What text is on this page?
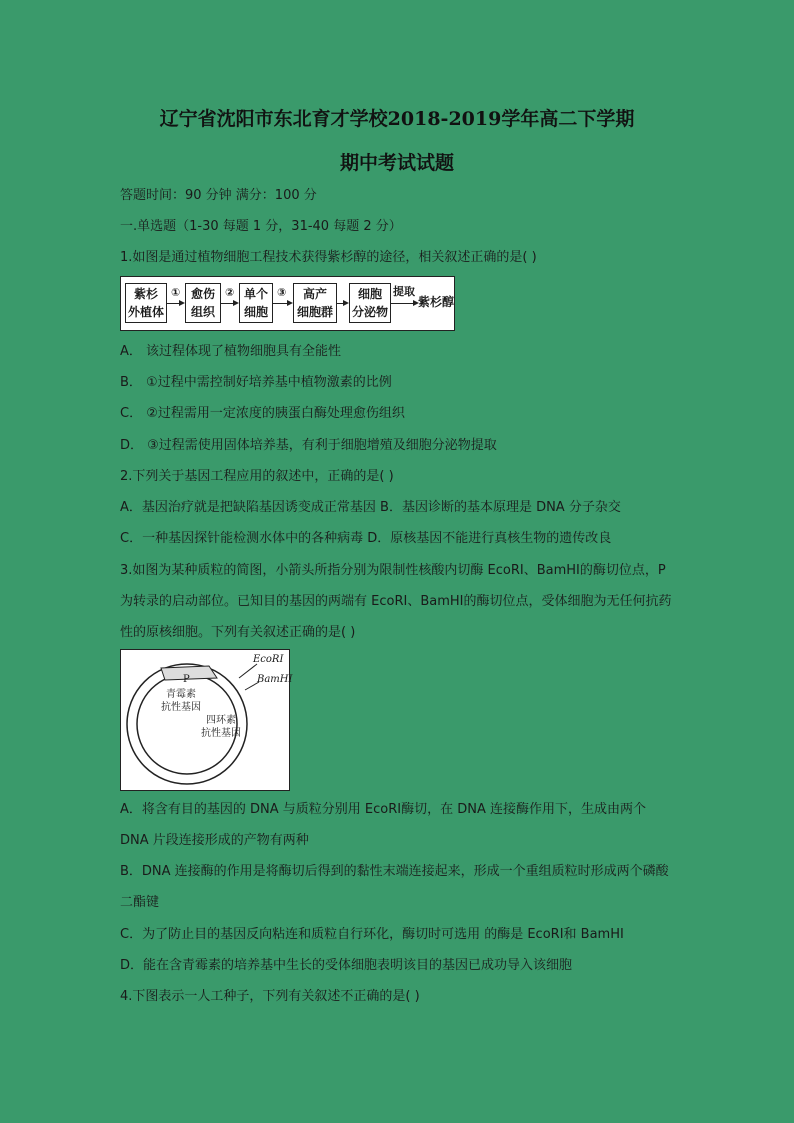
辽宁省沈阳市东北育才学校2018-2019学年高二下学期
期中考试试题
答题时间：90 分钟 满分：100 分
一.单选题（1-30 每题 1 分，31-40 每题 2 分）
1.如图是通过植物细胞工程技术获得紫杉醇的途径，相关叙述正确的是( )
紫杉
外植体
① 愈伤
组织
② 单个
细胞
③	高产
细胞群
细胞
分泌物
提取
紫杉醇
A． 该过程体现了植物细胞具有全能性
B． ①过程中需控制好培养基中植物激素的比例
C． ②过程需用一定浓度的胰蛋白酶处理愈伤组织
D． ③过程需使用固体培养基，有利于细胞增殖及细胞分泌物提取
2.下列关于基因工程应用的叙述中，正确的是( )
A．基因治疗就是把缺陷基因诱变成正常基因 B．基因诊断的基本原理是 DNA 分子杂交
C．一种基因探针能检测水体中的各种病毒 D．原核基因不能进行真核生物的遗传改良
3.如图为某种质粒的简图，小箭头所指分别为限制性核酸内切酶 EcoRⅠ、BamHⅠ的酶切位点，P 为转录的启动部位。已知目的基因的两端有 EcoRⅠ、BamHⅠ的酶切位点，受体细胞为无任何抗药性的原核细胞。下列有关叙述正确的是( )
EcoRⅠ
BamHⅠ
P
青霉素
抗性基因
四环素
抗性基因
A．将含有目的基因的 DNA 与质粒分别用 EcoRⅠ酶切，在 DNA 连接酶作用下，生成由两个 DNA 片段连接形成的产物有两种
B．DNA 连接酶的作用是将酶切后得到的黏性末端连接起来，形成一个重组质粒时形成两个磷酸二酯键
C．为了防止目的基因反向粘连和质粒自行环化，酶切时可选用 的酶是 EcoRⅠ和 BamHⅠ
D．能在含青霉素的培养基中生长的受体细胞表明该目的基因已成功导入该细胞
4.下图表示一人工种子，下列有关叙述不正确的是( )
